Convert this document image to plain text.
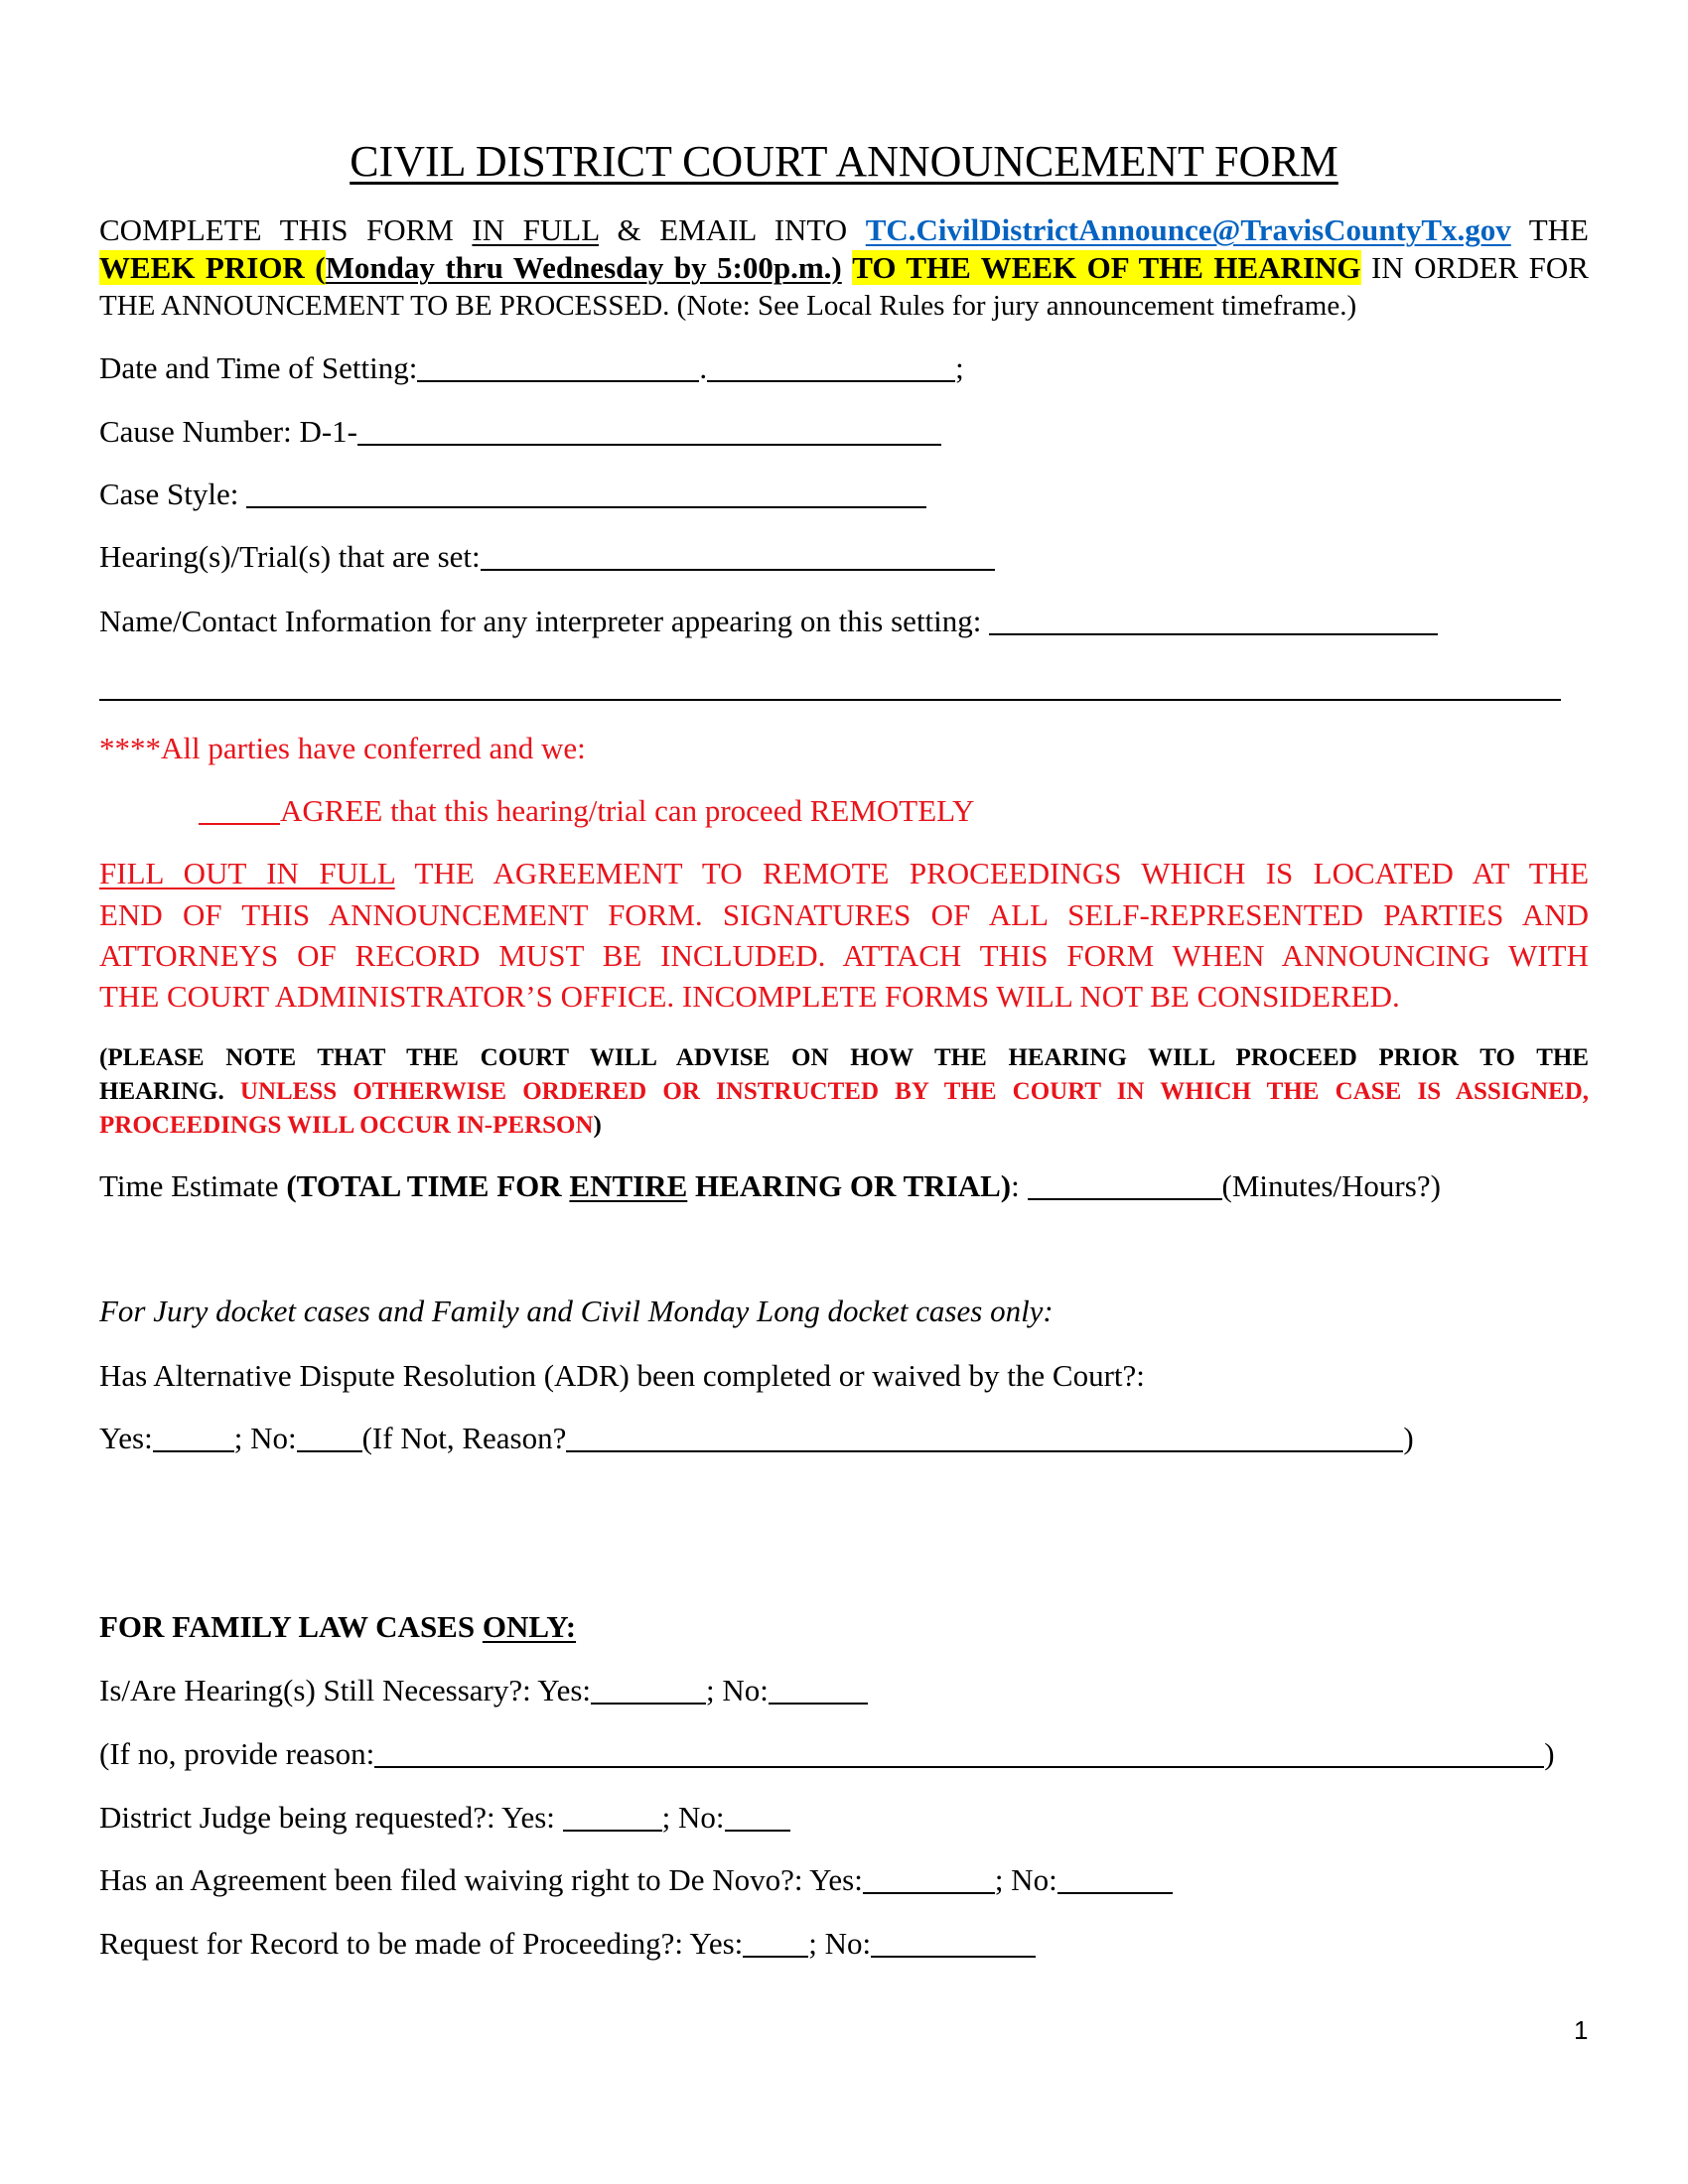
CIVIL DISTRICT COURT ANNOUNCEMENT FORM
COMPLETE THIS FORM IN FULL & EMAIL INTO TC.CivilDistrictAnnounce@TravisCountyTx.gov THE
WEEK PRIOR (Monday thru Wednesday by 5:00p.m.) TO THE WEEK OF THE HEARING IN ORDER FOR
THE ANNOUNCEMENT TO BE PROCESSED. (Note: See Local Rules for jury announcement timeframe.)
Date and Time of Setting:	.	;
Cause Number: D-1-
Case Style:
Hearing(s)/Trial(s) that are set:
Name/Contact Information for any interpreter appearing on this setting:
****All parties have conferred and we:
AGREE that this hearing/trial can proceed REMOTELY
FILL OUT IN FULL THE AGREEMENT TO REMOTE PROCEEDINGS WHICH IS LOCATED AT THE
END OF THIS ANNOUNCEMENT FORM. SIGNATURES OF ALL SELF-REPRESENTED PARTIES AND
ATTORNEYS OF RECORD MUST BE INCLUDED. ATTACH THIS FORM WHEN ANNOUNCING WITH
THE COURT ADMINISTRATOR’S OFFICE. INCOMPLETE FORMS WILL NOT BE CONSIDERED.
(PLEASE NOTE THAT THE COURT WILL ADVISE ON HOW THE HEARING WILL PROCEED PRIOR TO THE
HEARING. UNLESS OTHERWISE ORDERED OR INSTRUCTED BY THE COURT IN WHICH THE CASE IS ASSIGNED,
PROCEEDINGS WILL OCCUR IN-PERSON)
Time Estimate (TOTAL TIME FOR ENTIRE HEARING OR TRIAL):	(Minutes/Hours?)
For Jury docket cases and Family and Civil Monday Long docket cases only:
Has Alternative Dispute Resolution (ADR) been completed or waived by the Court?:
Yes:	; No: (If Not, Reason?	)
FOR FAMILY LAW CASES ONLY:
Is/Are Hearing(s) Still Necessary?: Yes:	; No:
(If no, provide reason:	)
District Judge being requested?: Yes:	; No:
Has an Agreement been filed waiving right to De Novo?: Yes:	; No:
Request for Record to be made of Proceeding?: Yes: ; No:
1
